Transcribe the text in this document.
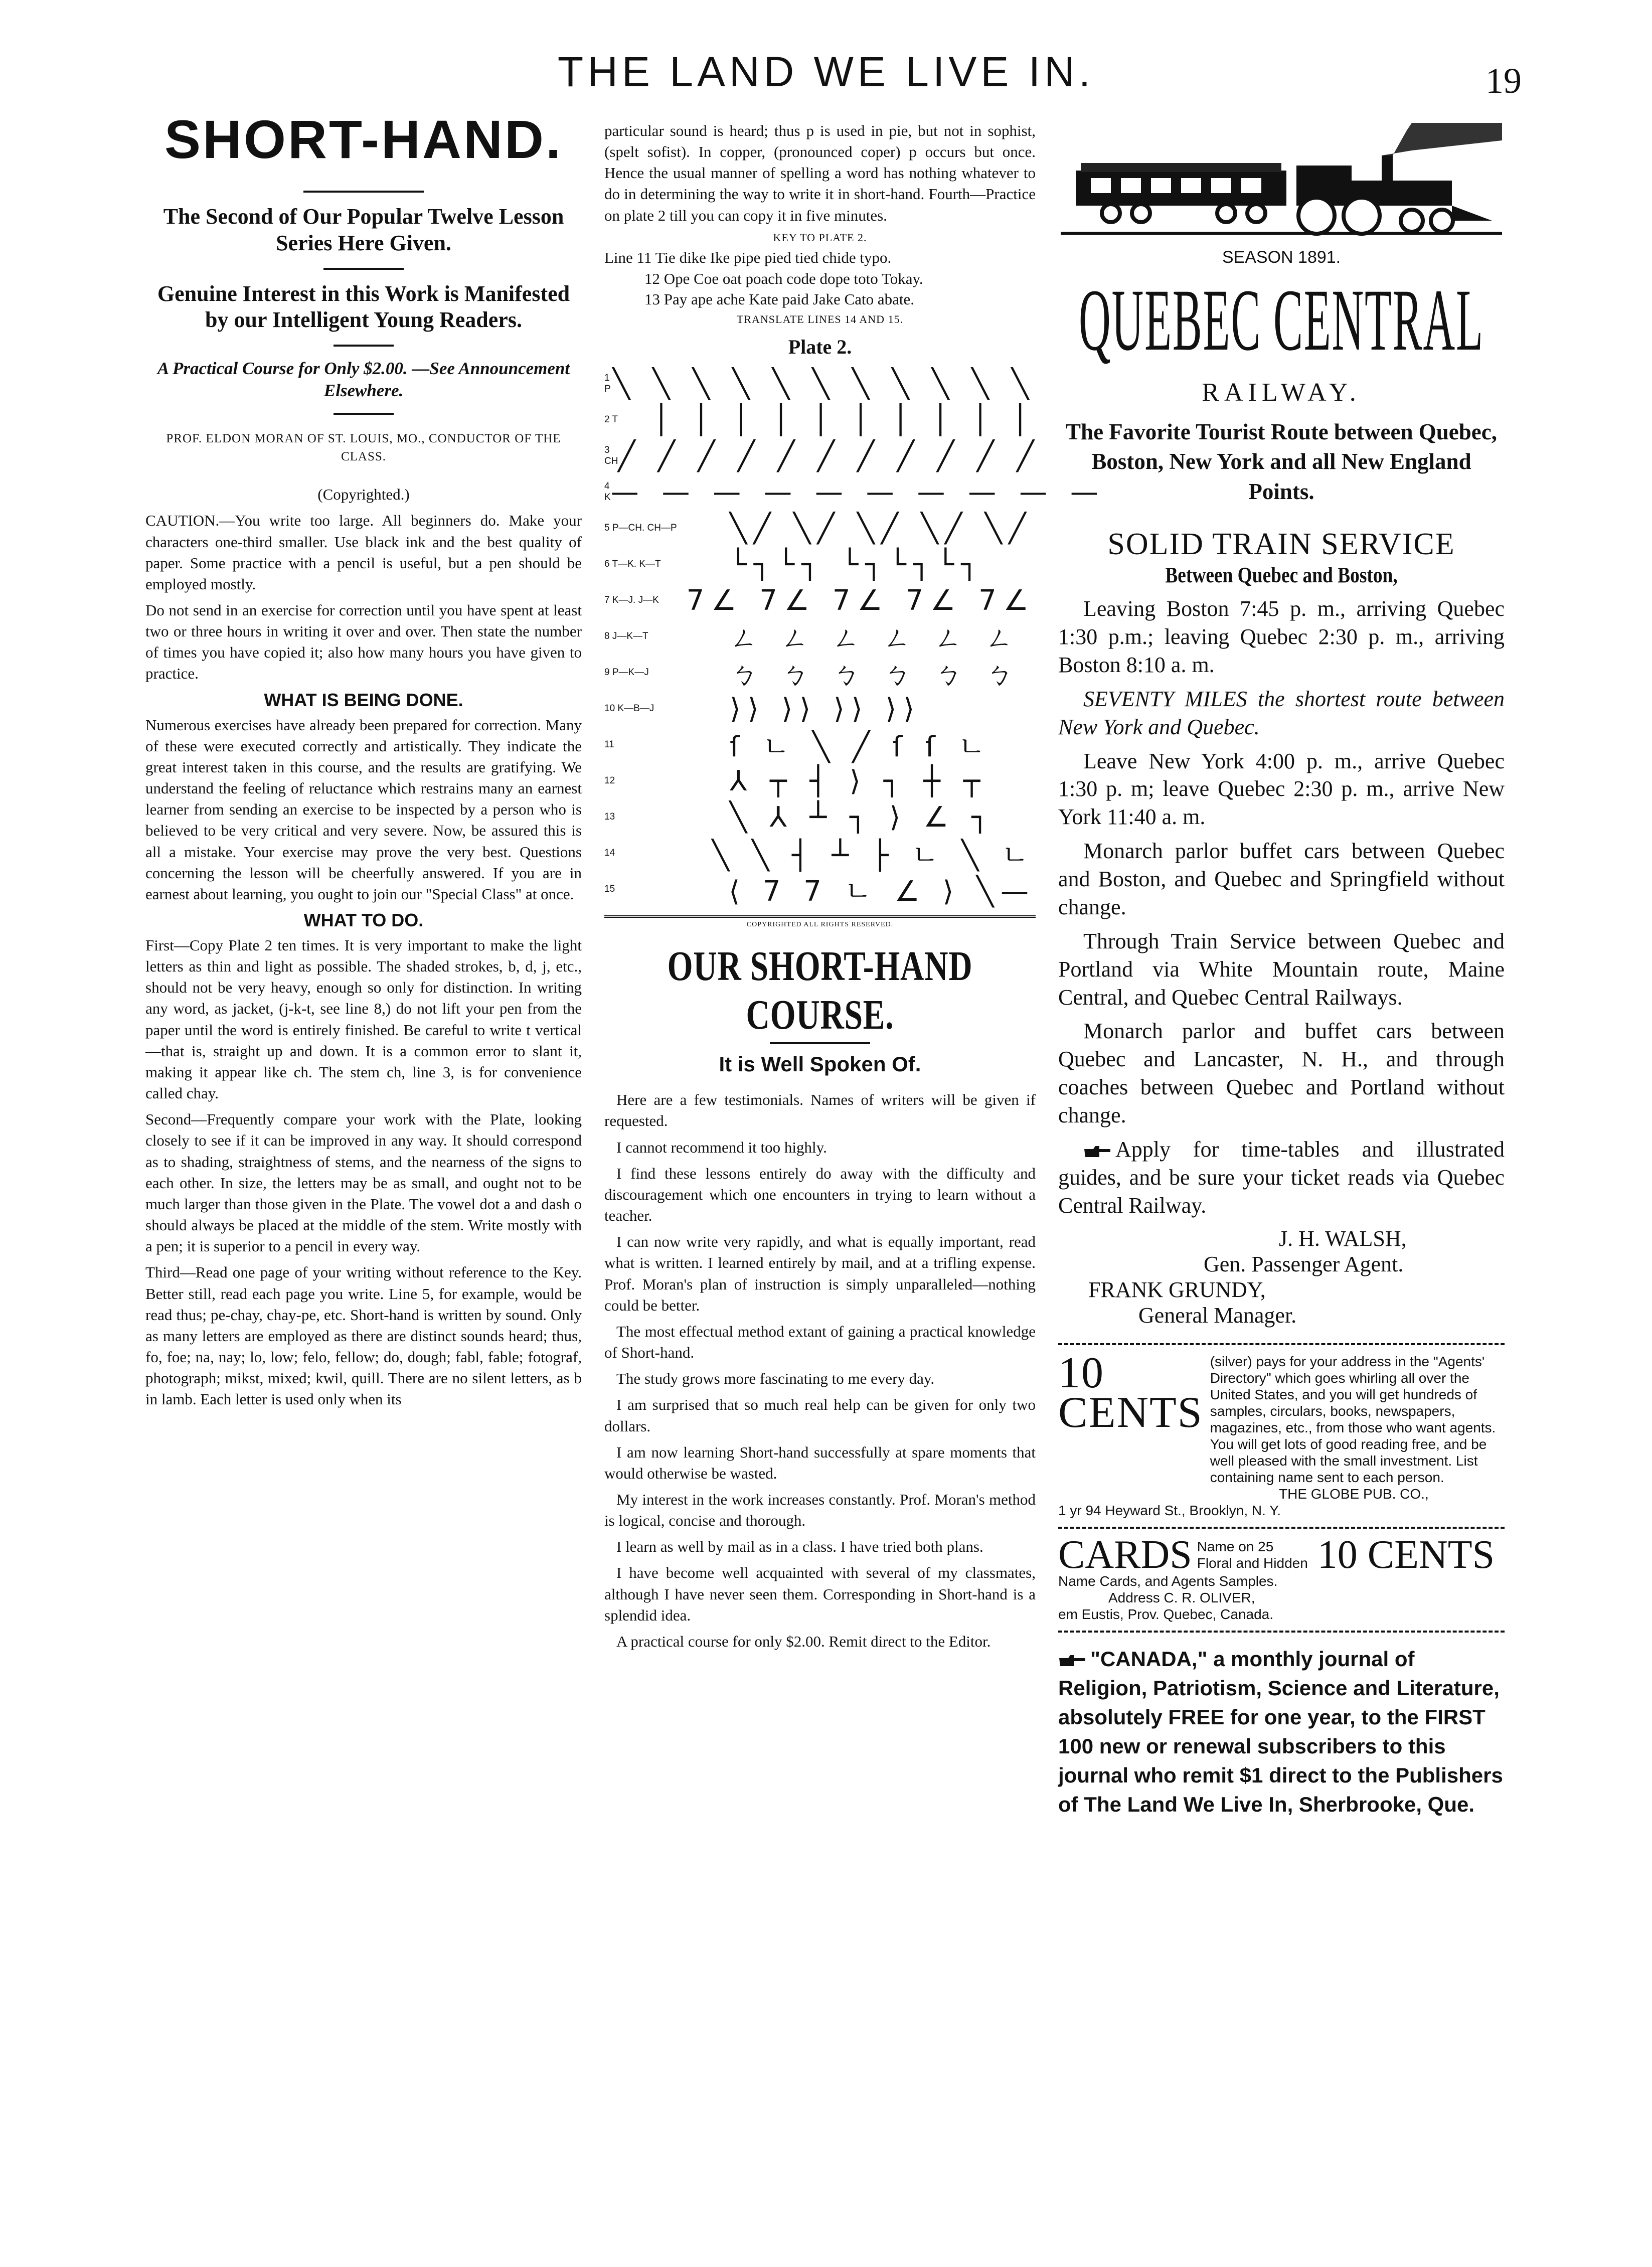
THE LAND WE LIVE IN.	19
SHORT-HAND.
The Second of Our Popular Twelve Lesson Series Here Given.
Genuine Interest in this Work is Manifested by our Intelligent Young Readers.
A Practical Course for Only $2.00. —See Announcement Elsewhere.
PROF. ELDON MORAN OF ST. LOUIS, MO., CONDUCTOR OF THE CLASS.
(Copyrighted.)

CAUTION.—You write too large. All beginners do. Make your characters one-third smaller. Use black ink and the best quality of paper. Some practice with a pencil is useful, but a pen should be employed mostly.

Do not send in an exercise for correction until you have spent at least two or three hours in writing it over and over. Then state the number of times you have copied it; also how many hours you have given to practice.

WHAT IS BEING DONE.

Numerous exercises have already been prepared for correction. Many of these were executed correctly and artistically. They indicate the great interest taken in this course, and the results are gratifying. We understand the feeling of reluctance which restrains many an earnest learner from sending an exercise to be inspected by a person who is believed to be very critical and very severe. Now, be assured this is all a mistake. Your exercise may prove the very best. Questions concerning the lesson will be cheerfully answered. If you are in earnest about learning, you ought to join our "Special Class" at once.

WHAT TO DO.

First—Copy Plate 2 ten times. It is very important to make the light letters as thin and light as possible. The shaded strokes, b, d, j, etc., should not be very heavy, enough so only for distinction. In writing any word, as jacket, (j-k-t, see line 8,) do not lift your pen from the paper until the word is entirely finished. Be careful to write t vertical—that is, straight up and down. It is a common error to slant it, making it appear like ch. The stem ch, line 3, is for convenience called chay.

Second—Frequently compare your work with the Plate, looking closely to see if it can be improved in any way. It should correspond as to shading, straightness of stems, and the nearness of the signs to each other. In size, the letters may be as small, and ought not to be much larger than those given in the Plate. The vowel dot a and dash o should always be placed at the middle of the stem. Write mostly with a pen; it is superior to a pencil in every way.

Third—Read one page of your writing without reference to the Key. Better still, read each page you write. Line 5, for example, would be read thus; pe-chay, chay-pe, etc. Short-hand is written by sound. Only as many letters are employed as there are distinct sounds heard; thus, fo, foe; na, nay; lo, low; felo, fellow; do, dough; fabl, fable; fotograf, photograph; mikst, mixed; kwil, quill. There are no silent letters, as b in lamb. Each letter is used only when its

particular sound is heard; thus p is used in pie, but not in sophist, (spelt sofist). In copper, (pronounced coper) p occurs but once. Hence the usual manner of spelling a word has nothing whatever to do in determining the way to write it in short-hand. Fourth—Practice on plate 2 till you can copy it in five minutes.

KEY TO PLATE 2.
Line 11 Tie dike Ike pipe pied tied chide typo.
12 Ope Coe oat poach code dope toto Tokay.
13 Pay ape ache Kate paid Jake Cato abate.
TRANSLATE LINES 14 AND 15.
Plate 2.
1 P ╲ ╲ ╲ ╲ ╲ ╲ ╲ ╲ ╲ ╲ ╲
2 T	│ │ │ │ │ │ │ │ │ │
3 CH ╱ ╱ ╱ ╱ ╱ ╱ ╱ ╱ ╱ ╱ ╱
4 K — — — — — — — — — —
5 P—CH. CH—P	╲╱ ╲╱ ╲╱ ╲╱ ╲╱
6 T—K. K—T	└┐└┐ └┐└┐└┐
7 K—J. J—K 7∠ 7∠ 7∠ 7∠ 7∠
8 J—K—T	ㄥ ㄥ ㄥ ㄥ ㄥ ㄥ
9 P—K—J	ㄅ ㄅ ㄅ ㄅ ㄅ ㄅ
10 K—B—J	⟩⟩ ⟩⟩ ⟩⟩ ⟩⟩
11	ſ ㄴ ╲ ╱ ſ ſ ㄴ
12	⅄ ┬ ┤ ⟩ ┐ ┼ ┬
13	╲ ⅄ ┴ ┐ ⟩ ∠ ┐
14	╲ ╲ ┤ ┴ ├ ㄴ ╲ ㄴ
15	⟨ 7 7 ㄴ ∠ ⟩ ╲—
COPYRIGHTED ALL RIGHTS RESERVED.
OUR SHORT-HAND COURSE.
It is Well Spoken Of.

Here are a few testimonials. Names of writers will be given if requested.

I cannot recommend it too highly.

I find these lessons entirely do away with the difficulty and discouragement which one encounters in trying to learn without a teacher.

I can now write very rapidly, and what is equally important, read what is written. I learned entirely by mail, and at a trifling expense. Prof. Moran's plan of instruction is simply unparalleled—nothing could be better.

The most effectual method extant of gaining a practical knowledge of Short-hand.

The study grows more fascinating to me every day.

I am surprised that so much real help can be given for only two dollars.

I am now learning Short-hand successfully at spare moments that would otherwise be wasted.

My interest in the work increases constantly. Prof. Moran's method is logical, concise and thorough.

I learn as well by mail as in a class. I have tried both plans.

I have become well acquainted with several of my classmates, although I have never seen them. Corresponding in Short-hand is a splendid idea.

A practical course for only $2.00. Remit direct to the Editor.

SEASON 1891.
QUEBEC CENTRAL
RAILWAY.
The Favorite Tourist Route between Quebec, Boston, New York and all New England Points.
SOLID TRAIN SERVICE
Between Quebec and Boston,
Leaving Boston 7:45 p. m., arriving Quebec 1:30 p.m.; leaving Quebec 2:30 p. m., arriving Boston 8:10 a. m.
SEVENTY MILES the shortest route between New York and Quebec.
Leave New York 4:00 p. m., arrive Quebec 1:30 p. m; leave Quebec 2:30 p. m., arrive New York 11:40 a. m.
Monarch parlor buffet cars between Quebec and Boston, and Quebec and Springfield without change.
Through Train Service between Quebec and Portland via White Mountain route, Maine Central, and Quebec Central Railways.
Monarch parlor and buffet cars between Quebec and Lancaster, N. H., and through coaches between Quebec and Portland without change.
Apply for time-tables and illustrated guides, and be sure your ticket reads via Quebec Central Railway.
J. H. WALSH,
Gen. Passenger Agent.
FRANK GRUNDY,
General Manager.
10 CENTS
(silver) pays for your address in the "Agents' Directory" which goes whirling all over the United States, and you will get hundreds of samples, circulars, books, newspapers, magazines, etc., from those who want agents. You will get lots of good reading free, and be well pleased with the small investment. List containing name sent to each person.
THE GLOBE PUB. CO.,
1 yr 94 Heyward St., Brooklyn, N. Y.
CARDS Name on 25 Floral and Hidden 10 CENTS
Name Cards, and Agents Samples.
Address C. R. OLIVER,
em Eustis, Prov. Quebec, Canada.
"CANADA," a monthly journal of Religion, Patriotism, Science and Literature, absolutely FREE for one year, to the FIRST 100 new or renewal subscribers to this journal who remit $1 direct to the Publishers of The Land We Live In, Sherbrooke, Que.
